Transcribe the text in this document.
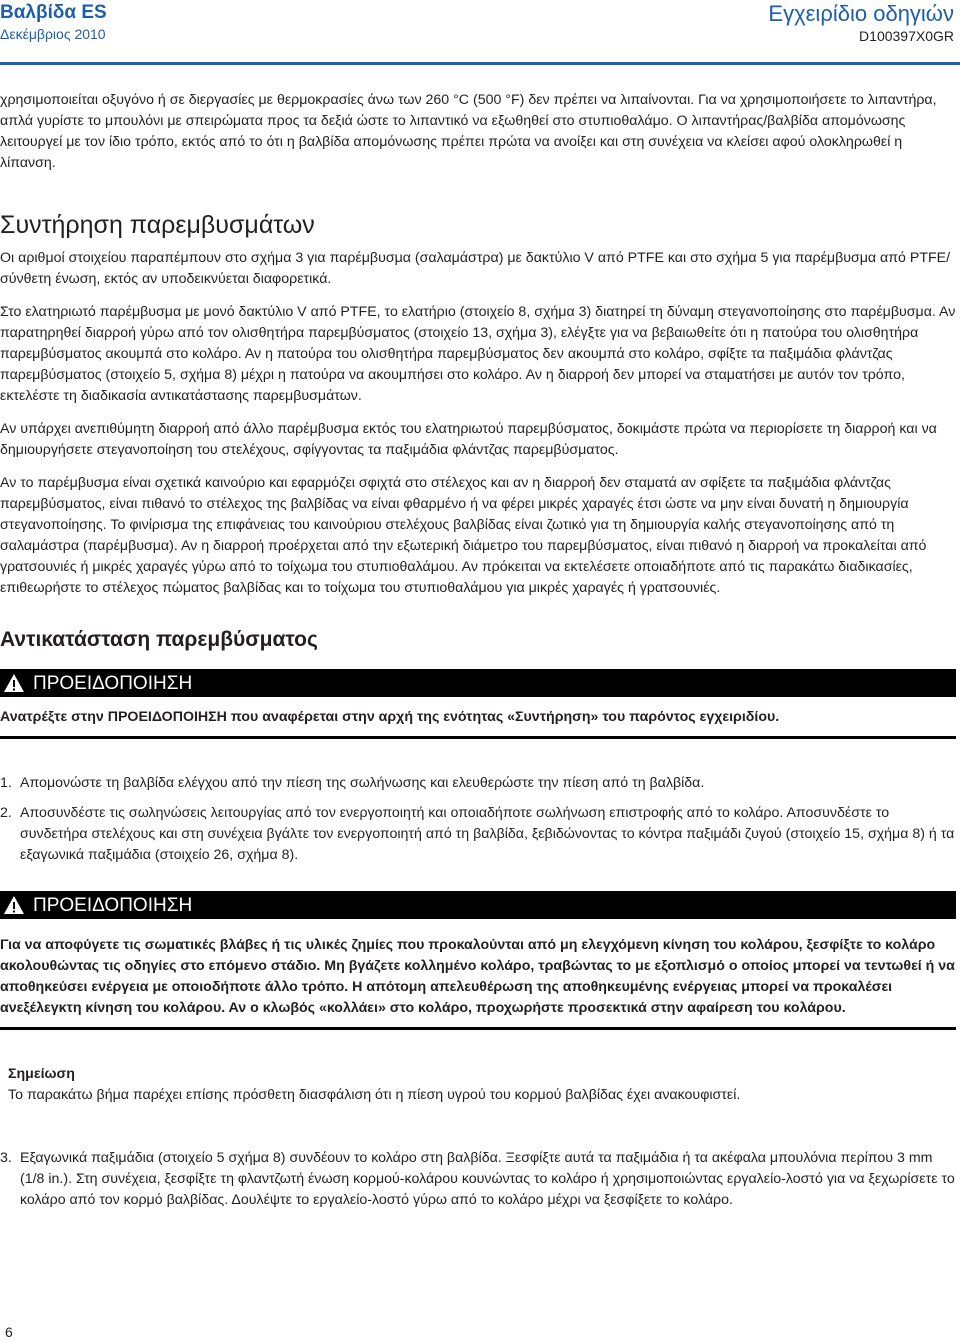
Βαλβίδα ES
Δεκέμβριος 2010
Εγχειρίδιο οδηγιών
D100397X0GR

χρησιμοποιείται οξυγόνο ή σε διεργασίες με θερμοκρασίες άνω των 260 °C (500 °F) δεν πρέπει να λιπαίνονται. Για να χρησιμοποιήσετε το λιπαντήρα, απλά γυρίστε το μπουλόνι με σπειρώματα προς τα δεξιά ώστε το λιπαντικό να εξωθηθεί στο στυπιοθαλάμο. Ο λιπαντήρας/βαλβίδα απομόνωσης λειτουργεί με τον ίδιο τρόπο, εκτός από το ότι η βαλβίδα απομόνωσης πρέπει πρώτα να ανοίξει και στη συνέχεια να κλείσει αφού ολοκληρωθεί η λίπανση.

Συντήρηση παρεμβυσμάτων

Οι αριθμοί στοιχείου παραπέμπουν στο σχήμα 3 για παρέμβυσμα (σαλαμάστρα) με δακτύλιο V από PTFE και στο σχήμα 5 για παρέμβυσμα από PTFE/σύνθετη ένωση, εκτός αν υποδεικνύεται διαφορετικά.

Στο ελατηριωτό παρέμβυσμα με μονό δακτύλιο V από PTFE, το ελατήριο (στοιχείο 8, σχήμα 3) διατηρεί τη δύναμη στεγανοποίησης στο παρέμβυσμα. Αν παρατηρηθεί διαρροή γύρω από τον ολισθητήρα παρεμβύσματος (στοιχείο 13, σχήμα 3), ελέγξτε για να βεβαιωθείτε ότι η πατούρα του ολισθητήρα παρεμβύσματος ακουμπά στο κολάρο. Αν η πατούρα του ολισθητήρα παρεμβύσματος δεν ακουμπά στο κολάρο, σφίξτε τα παξιμάδια φλάντζας παρεμβύσματος (στοιχείο 5, σχήμα 8) μέχρι η πατούρα να ακουμπήσει στο κολάρο. Αν η διαρροή δεν μπορεί να σταματήσει με αυτόν τον τρόπο, εκτελέστε τη διαδικασία αντικατάστασης παρεμβυσμάτων.

Αν υπάρχει ανεπιθύμητη διαρροή από άλλο παρέμβυσμα εκτός του ελατηριωτού παρεμβύσματος, δοκιμάστε πρώτα να περιορίσετε τη διαρροή και να δημιουργήσετε στεγανοποίηση του στελέχους, σφίγγοντας τα παξιμάδια φλάντζας παρεμβύσματος.

Αν το παρέμβυσμα είναι σχετικά καινούριο και εφαρμόζει σφιχτά στο στέλεχος και αν η διαρροή δεν σταματά αν σφίξετε τα παξιμάδια φλάντζας παρεμβύσματος, είναι πιθανό το στέλεχος της βαλβίδας να είναι φθαρμένο ή να φέρει μικρές χαραγές έτσι ώστε να μην είναι δυνατή η δημιουργία στεγανοποίησης. Το φινίρισμα της επιφάνειας του καινούριου στελέχους βαλβίδας είναι ζωτικό για τη δημιουργία καλής στεγανοποίησης από τη σαλαμάστρα (παρέμβυσμα). Αν η διαρροή προέρχεται από την εξωτερική διάμετρο του παρεμβύσματος, είναι πιθανό η διαρροή να προκαλείται από γρατσουνιές ή μικρές χαραγές γύρω από το τοίχωμα του στυπιοθαλάμου. Αν πρόκειται να εκτελέσετε οποιαδήποτε από τις παρακάτω διαδικασίες, επιθεωρήστε το στέλεχος πώματος βαλβίδας και το τοίχωμα του στυπιοθαλάμου για μικρές χαραγές ή γρατσουνιές.

Αντικατάσταση παρεμβύσματος
ΠΡΟΕΙΔΟΠΟΙΗΣΗ

Ανατρέξτε στην ΠΡΟΕΙΔΟΠΟΙΗΣΗ που αναφέρεται στην αρχή της ενότητας «Συντήρηση» του παρόντος εγχειριδίου.

1. Απομονώστε τη βαλβίδα ελέγχου από την πίεση της σωλήνωσης και ελευθερώστε την πίεση από τη βαλβίδα.

2. Αποσυνδέστε τις σωληνώσεις λειτουργίας από τον ενεργοποιητή και οποιαδήποτε σωλήνωση επιστροφής από το κολάρο. Αποσυνδέστε το συνδετήρα στελέχους και στη συνέχεια βγάλτε τον ενεργοποιητή από τη βαλβίδα, ξεβιδώνοντας το κόντρα παξιμάδι ζυγού (στοιχείο 15, σχήμα 8) ή τα εξαγωνικά παξιμάδια (στοιχείο 26, σχήμα 8).

ΠΡΟΕΙΔΟΠΟΙΗΣΗ

Για να αποφύγετε τις σωματικές βλάβες ή τις υλικές ζημίες που προκαλούνται από μη ελεγχόμενη κίνηση του κολάρου, ξεσφίξτε το κολάρο ακολουθώντας τις οδηγίες στο επόμενο στάδιο. Μη βγάζετε κολλημένο κολάρο, τραβώντας το με εξοπλισμό ο οποίος μπορεί να τεντωθεί ή να αποθηκεύσει ενέργεια με οποιοδήποτε άλλο τρόπο. Η απότομη απελευθέρωση της αποθηκευμένης ενέργειας μπορεί να προκαλέσει ανεξέλεγκτη κίνηση του κολάρου. Αν ο κλωβός «κολλάει» στο κολάρο, προχωρήστε προσεκτικά στην αφαίρεση του κολάρου.

Σημείωση

Το παρακάτω βήμα παρέχει επίσης πρόσθετη διασφάλιση ότι η πίεση υγρού του κορμού βαλβίδας έχει ανακουφιστεί.

3. Εξαγωνικά παξιμάδια (στοιχείο 5 σχήμα 8) συνδέουν το κολάρο στη βαλβίδα. Ξεσφίξτε αυτά τα παξιμάδια ή τα ακέφαλα μπουλόνια περίπου 3 mm (1/8 in.). Στη συνέχεια, ξεσφίξτε τη φλαντζωτή ένωση κορμού-κολάρου κουνώντας το κολάρο ή χρησιμοποιώντας εργαλείο-λοστό για να ξεχωρίσετε το κολάρο από τον κορμό βαλβίδας. Δουλέψτε το εργαλείο-λοστό γύρω από το κολάρο μέχρι να ξεσφίξετε το κολάρο.

6
